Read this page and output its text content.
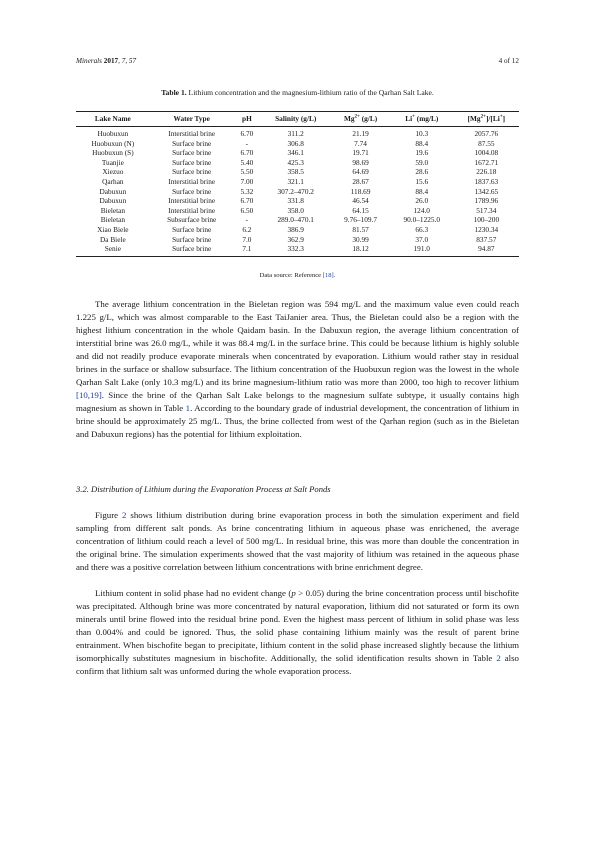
Minerals 2017, 7, 57	4 of 12
Table 1. Lithium concentration and the magnesium-lithium ratio of the Qarhan Salt Lake.
Lake Name	Water Type	pH	Salinity (g/L)	$Mg^{2+}$ (g/L)	Li+ (mg/L)	$[Mg^{2+}]/[Li^+]$
Huobuxun	Interstitial brine	6.70	311.2	21.19	10.3	2057.76
Huobuxun (N)	Surface brine	-	306.8	7.74	88.4	87.55
Huobuxun (S)	Surface brine	6.70	346.1	19.71	19.6	1004.08
Tuanjie	Surface brine	5.40	425.3	98.69	59.0	1672.71
Xiezuo	Surface brine	5.50	358.5	64.69	28.6	226.18
Qarhan	Interstitial brine	7.00	321.1	28.67	15.6	1837.63
Dabuxun	Surface brine	5.32	307.2–470.2	118.69	88.4	1342.65
Dabuxun	Interstitial brine	6.70	331.8	46.54	26.0	1789.96
Bieletan	Interstitial brine	6.50	358.0	64.15	124.0	517.34
Bieletan	Subsurface brine	-	289.0–470.1	9.76–109.7	90.0–1225.0	100–200
Xiao Biele	Surface brine	6.2	386.9	81.57	66.3	1230.34
Da Biele	Surface brine	7.0	362.9	30.99	37.0	837.57
Senie	Surface brine	7.1	332.3	18.12	191.0	94.87
Data source: Reference [18].

The average lithium concentration in the Bieletan region was 594 mg/L and the maximum value even could reach 1.225 g/L, which was almost comparable to the East TaiJanier area. Thus, the Bieletan could also be a region with the highest lithium concentration in the whole Qaidam basin. In the Dabuxun region, the average lithium concentration of interstitial brine was 26.0 mg/L, while it was 88.4 mg/L in the surface brine. This could be because lithium is highly soluble and did not readily produce evaporate minerals when concentrated by evaporation. Lithium would rather stay in residual brines in the surface or shallow subsurface. The lithium concentration of the Huobuxun region was the lowest in the whole Qarhan Salt Lake (only 10.3 mg/L) and its brine magnesium-lithium ratio was more than 2000, too high to recover lithium [10,19]. Since the brine of the Qarhan Salt Lake belongs to the magnesium sulfate subtype, it usually contains high magnesium as shown in Table 1. According to the boundary grade of industrial development, the concentration of lithium in brine should be approximately 25 mg/L. Thus, the brine collected from west of the Qarhan region (such as in the Bieletan and Dabuxun regions) has the potential for lithium exploitation.

3.2. Distribution of Lithium during the Evaporation Process at Salt Ponds

Figure 2 shows lithium distribution during brine evaporation process in both the simulation experiment and field sampling from different salt ponds. As brine concentrating lithium in aqueous phase was enrichened, the average concentration of lithium could reach a level of 500 mg/L. In residual brine, this was more than double the concentration in the original brine. The simulation experiments showed that the vast majority of lithium was retained in the aqueous phase and there was a positive correlation between lithium concentrations with brine enrichment degree.

Lithium content in solid phase had no evident change (p > 0.05) during the brine concentration process until bischofite was precipitated. Although brine was more concentrated by natural evaporation, lithium did not saturated or form its own minerals until brine flowed into the residual brine pond. Even the highest mass percent of lithium in solid phase was less than 0.004% and could be ignored. Thus, the solid phase containing lithium mainly was the result of parent brine entrainment. When bischofite began to precipitate, lithium content in the solid phase increased slightly because the lithium isomorphically substitutes magnesium in bischofite. Additionally, the solid identification results shown in Table 2 also confirm that lithium salt was unformed during the whole evaporation process.
